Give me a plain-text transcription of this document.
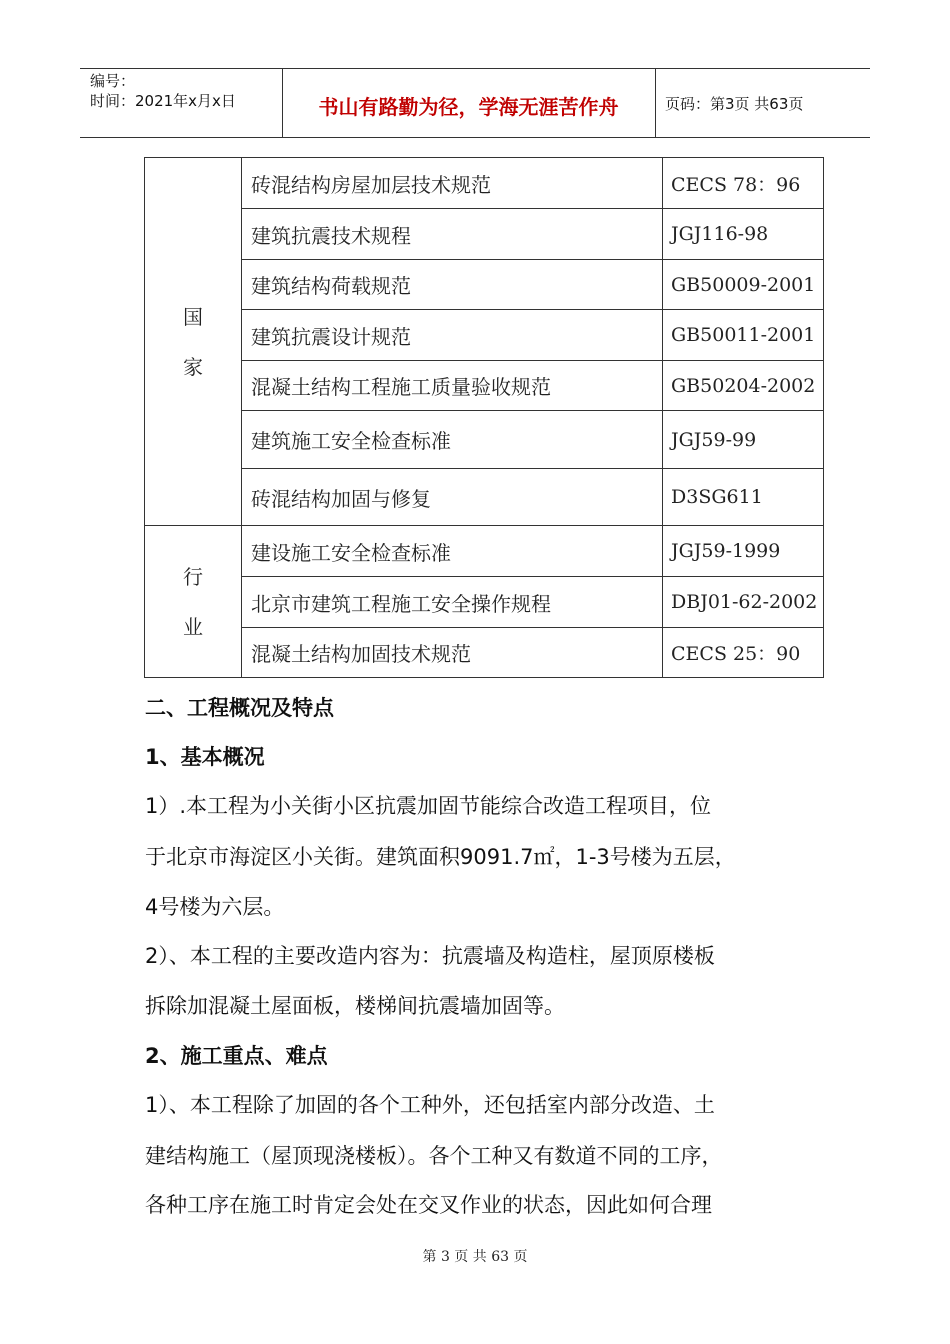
编号：
时间：2021年x月x日	书山有路勤为径，学海无涯苦作舟	页码：第3页 共63页
国
家	砖混结构房屋加层技术规范	CECS 78：96
	建筑抗震技术规程	JGJ116-98
	建筑结构荷载规范	GB50009-2001
	建筑抗震设计规范	GB50011-2001
	混凝土结构工程施工质量验收规范	GB50204-2002
	建筑施工安全检查标准	JGJ59-99
	砖混结构加固与修复	D3SG611

行
业	建设施工安全检查标准	JGJ59-1999
	北京市建筑工程施工安全操作规程	DBJ01-62-2002
	混凝土结构加固技术规范	CECS 25：90
二、工程概况及特点
1、基本概况
1）.本工程为小关街小区抗震加固节能综合改造工程项目，位
于北京市海淀区小关街。建筑面积9091.7㎡，1-3号楼为五层，
4号楼为六层。
2）、本工程的主要改造内容为：抗震墙及构造柱，屋顶原楼板
拆除加混凝土屋面板，楼梯间抗震墙加固等。
2、施工重点、难点
1）、本工程除了加固的各个工种外，还包括室内部分改造、土
建结构施工（屋顶现浇楼板）。各个工种又有数道不同的工序，
各种工序在施工时肯定会处在交叉作业的状态，因此如何合理
第 3 页 共 63 页
